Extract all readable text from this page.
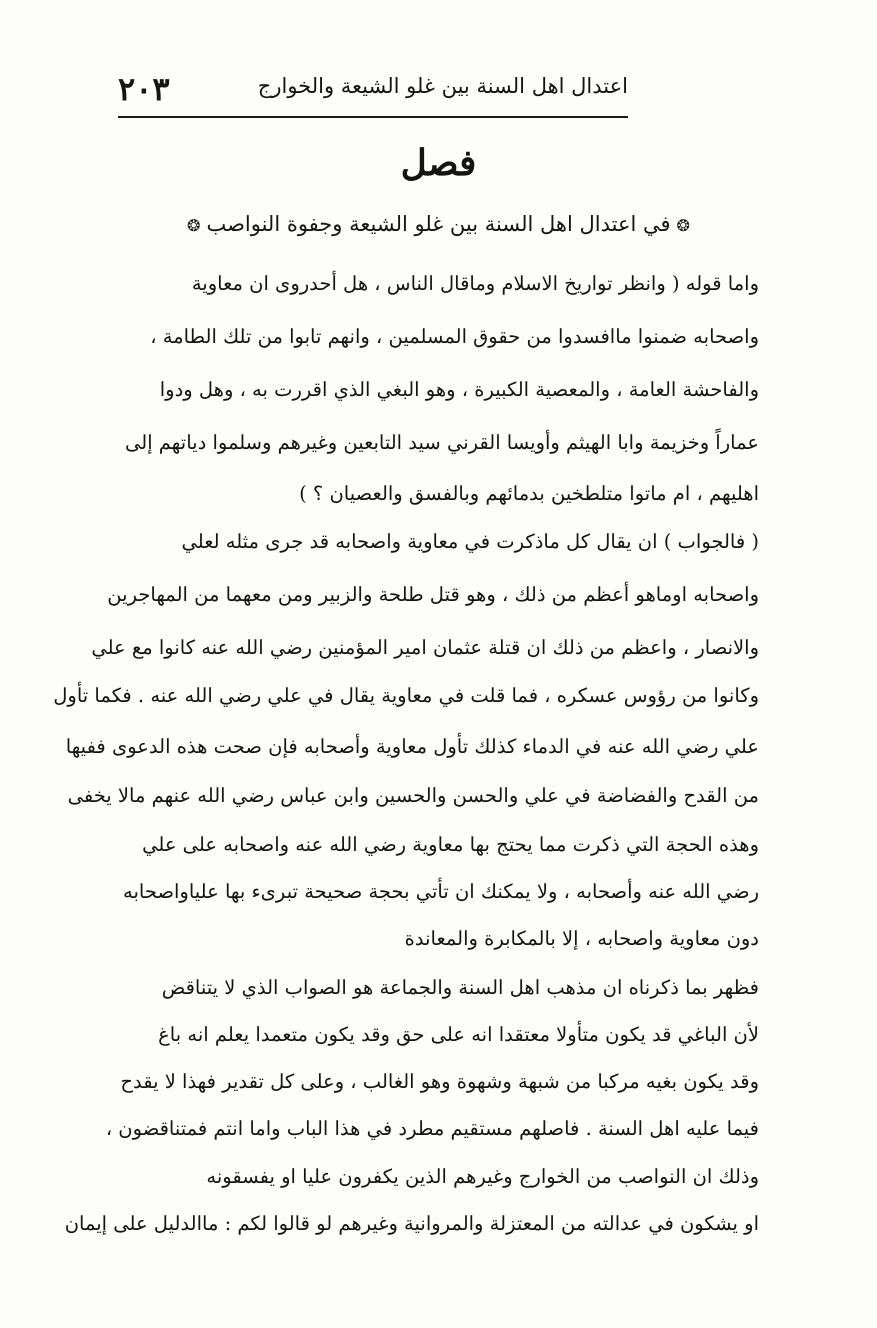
اعتدال اهل السنة بين غلو الشيعة والخوارج
٢٠٣
فصل
❂في اعتدال اهل السنة بين غلو الشيعة وجفوة النواصب❂
واما قوله ( وانظر تواريخ الاسلام وماقال الناس ، هل أحدروى ان معاوية
واصحابه ضمنوا ماافسدوا من حقوق المسلمين ، وانهم تابوا من تلك الطامة ،
والفاحشة العامة ، والمعصية الكبيرة ، وهو البغي الذي اقررت به ، وهل ودوا
عماراً وخزيمة وابا الهيثم وأويسا القرني سيد التابعين وغيرهم وسلموا دياتهم إلى
اهليهم ، ام ماتوا متلطخين بدمائهم وبالفسق والعصيان ؟ )
( فالجواب ) ان يقال كل ماذكرت في معاوية واصحابه قد جرى مثله لعلي
واصحابه اوماهو أعظم من ذلك ، وهو قتل طلحة والزبير ومن معهما من المهاجرين
والانصار ، واعظم من ذلك ان قتلة عثمان امير المؤمنين رضي الله عنه كانوا مع علي
وكانوا من رؤوس عسكره ، فما قلت في معاوية يقال في علي رضي الله عنه . فكما تأول
علي رضي الله عنه في الدماء كذلك تأول معاوية وأصحابه فإن صحت هذه الدعوى ففيها
من القدح والفضاضة في علي والحسن والحسين وابن عباس رضي الله عنهم مالا يخفى
وهذه الحجة التي ذكرت مما يحتج بها معاوية رضي الله عنه واصحابه على علي
رضي الله عنه وأصحابه ، ولا يمكنك ان تأتي بحجة صحيحة تبرىء بها علياواصحابه
دون معاوية واصحابه ، إلا بالمكابرة والمعاندة
فظهر بما ذكرناه ان مذهب اهل السنة والجماعة هو الصواب الذي لا يتناقض
لأن الباغي قد يكون متأولا معتقدا انه على حق وقد يكون متعمدا يعلم انه باغ
وقد يكون بغيه مركبا من شبهة وشهوة وهو الغالب ، وعلى كل تقدير فهذا لا يقدح
فيما عليه اهل السنة . فاصلهم مستقيم مطرد في هذا الباب واما انتم فمتناقضون ،
وذلك ان النواصب من الخوارج وغيرهم الذين يكفرون عليا او يفسقونه
او يشكون في عدالته من المعتزلة والمروانية وغيرهم لو قالوا لكم : ماالدليل على إيمان
